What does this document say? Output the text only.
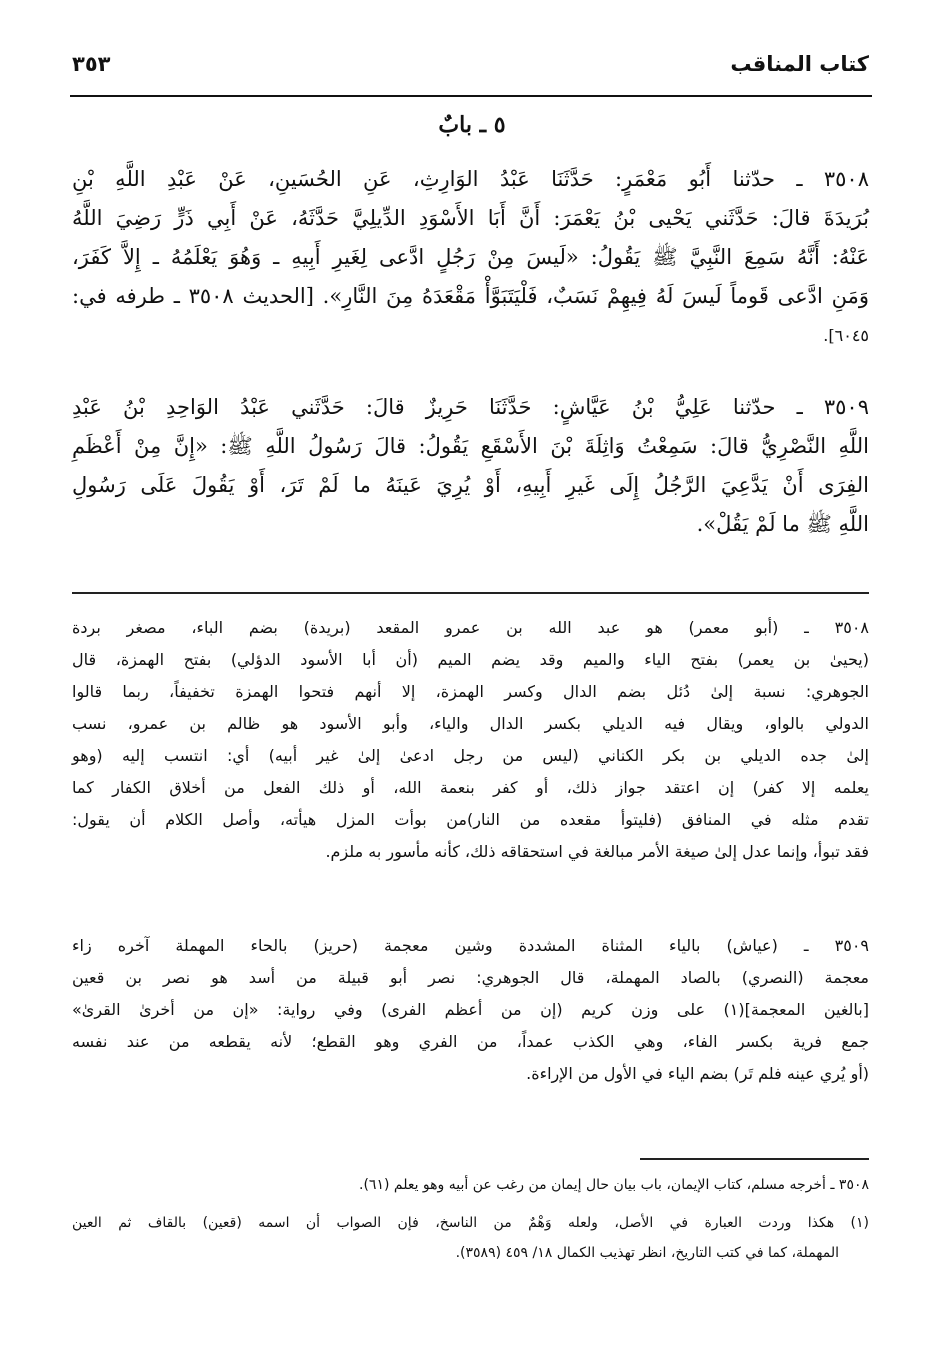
كتاب المناقب
٣٥٣
٥ ـ بابٌ
٣٥٠٨ ـ حدّثنا أَبُو مَعْمَرٍ: حَدَّثَنَا عَبْدُ الوَارِثِ، عَنِ الحُسَينِ، عَنْ عَبْدِ اللَّهِ بْنِ
بُرَيدَةَ قالَ: حَدَّثَني يَحْيى بْنُ يَعْمَرَ: أَنَّ أَبَا الأَسْوَدِ الدِّيلِيَّ حَدَّثَهُ، عَنْ أَبِي ذَرٍّ رَضِيَ اللَّهُ
عَنْهُ: أَنَّهُ سَمِعَ النَّبِيَّ ﷺ يَقُولُ: «لَيسَ مِنْ رَجُلٍ ادَّعى لِغَيرِ أَبِيهِ ـ وَهُوَ يَعْلَمُهُ ـ إِلاَّ كَفَرَ،
وَمَنِ ادَّعى قَوماً لَيسَ لَهُ فِيهِمْ نَسَبٌ، فَلْيَتَبَوَّأْ مَقْعَدَهُ مِنَ النَّارِ». [الحديث ٣٥٠٨ ـ طرفه في:
٦٠٤٥].
٣٥٠٩ ـ حدّثنا عَلِيُّ بْنُ عَيَّاشٍ: حَدَّثَنَا حَرِيزٌ قالَ: حَدَّثَني عَبْدُ الوَاحِدِ بْنُ عَبْدِ
اللَّهِ النَّصْرِيُّ قالَ: سَمِعْتُ وَاثِلَةَ بْنَ الأَسْقَعِ يَقُولُ: قالَ رَسُولُ اللَّهِ ﷺ: «إِنَّ مِنْ أَعْظَمِ
الفِرَى أَنْ يَدَّعِيَ الرَّجُلُ إِلَى غَيرِ أَبِيهِ، أَوْ يُرِيَ عَينَهُ ما لَمْ تَرَ، أَوْ يَقُولَ عَلَى رَسُولِ
اللَّهِ ﷺ ما لَمْ يَقُلْ».
٣٥٠٨ ـ (أبو معمر) هو عبد الله بن عمرو المقعد (بريدة) بضم الباء، مصغر بردة
(يحيىٰ بن يعمر) بفتح الياء والميم وقد يضم الميم (أن أبا الأسود الدؤلي) بفتح الهمزة، قال
الجوهري: نسبة إلىٰ دُئل بضم الدال وكسر الهمزة، إلا أنهم فتحوا الهمزة تخفيفاً، ربما قالوا
الدولي بالواو، ويقال فيه الديلي بكسر الدال والياء، وأبو الأسود هو ظالم بن عمرو، نسب
إلىٰ جده الديلي بن بكر الكناني (ليس من رجل ادعىٰ إلىٰ غير أبيه) أي: انتسب إليه (وهو
يعلمه إلا كفر) إن اعتقد جواز ذلك، أو كفر بنعمة الله، أو ذلك الفعل من أخلاق الكفار كما
تقدم مثله في المنافق (فليتوأ مقعده من النار)من بوأت المزل هيأته، وأصل الكلام أن يقول:
فقد تبوأ، وإنما عدل إلىٰ صيغة الأمر مبالغة في استحقاقه ذلك، كأنه مأسور به ملزم.
٣٥٠٩ ـ (عياش) بالياء المثناة المشددة وشين معجمة (حريز) بالحاء المهملة آخره زاء
معجمة (النصري) بالصاد المهملة، قال الجوهري: نصر أبو قبيلة من أسد هو نصر بن قعين
[بالغين المعجمة](١) على وزن كريم (إن من أعظم الفرى) وفي رواية: «إن من أخرىٰ القرىٰ»
جمع فرية بكسر الفاء، وهي الكذب عمداً، من الفري وهو القطع؛ لأنه يقطعه من عند نفسه
(أو يُري عينه فلم تَر) بضم الياء في الأول من الإراءة.
٣٥٠٨ ـ أخرجه مسلم، كتاب الإيمان، باب بيان حال إيمان من رغب عن أبيه وهو يعلم (٦١).
(١) هكذا وردت العبارة في الأصل، ولعله وَهْمٌ من الناسخ، فإن الصواب أن اسمه (قعين) بالقاف ثم العين
المهملة، كما في كتب التاريخ، انظر تهذيب الكمال ١٨/ ٤٥٩ (٣٥٨٩).
